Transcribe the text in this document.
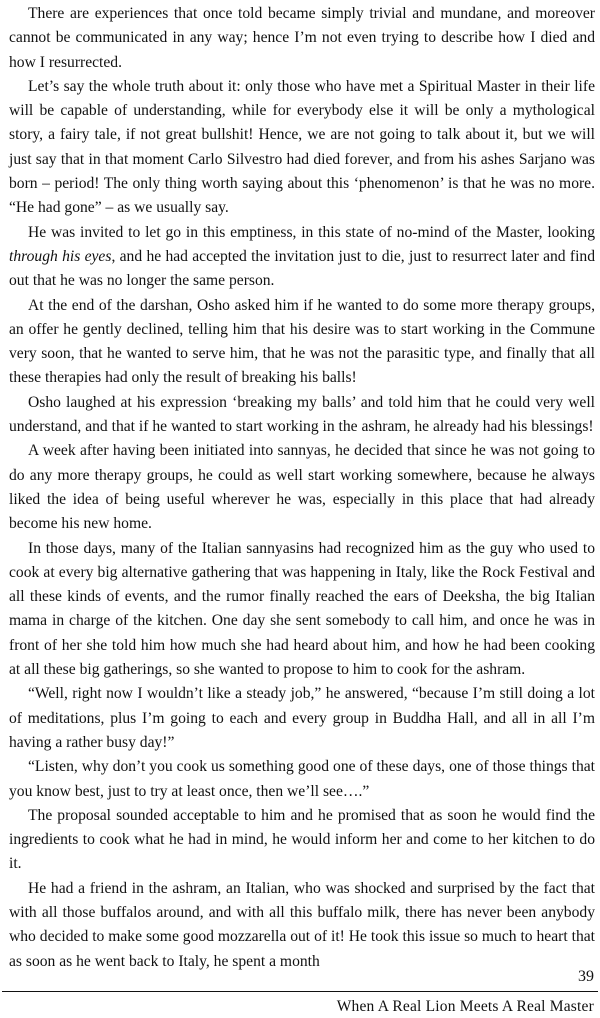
There are experiences that once told became simply trivial and mundane, and moreover cannot be communicated in any way; hence I’m not even trying to describe how I died and how I resurrected.

Let’s say the whole truth about it: only those who have met a Spiritual Master in their life will be capable of understanding, while for everybody else it will be only a mythological story, a fairy tale, if not great bullshit! Hence, we are not going to talk about it, but we will just say that in that moment Carlo Silvestro had died forever, and from his ashes Sarjano was born – period! The only thing worth saying about this ‘phenomenon’ is that he was no more. “He had gone” – as we usually say.

He was invited to let go in this emptiness, in this state of no-mind of the Master, looking through his eyes, and he had accepted the invitation just to die, just to resurrect later and find out that he was no longer the same person.

At the end of the darshan, Osho asked him if he wanted to do some more therapy groups, an offer he gently declined, telling him that his desire was to start working in the Commune very soon, that he wanted to serve him, that he was not the parasitic type, and finally that all these therapies had only the result of breaking his balls!

Osho laughed at his expression ‘breaking my balls’ and told him that he could very well understand, and that if he wanted to start working in the ashram, he already had his blessings!

A week after having been initiated into sannyas, he decided that since he was not going to do any more therapy groups, he could as well start working somewhere, because he always liked the idea of being useful wherever he was, especially in this place that had already become his new home.

In those days, many of the Italian sannyasins had recognized him as the guy who used to cook at every big alternative gathering that was happening in Italy, like the Rock Festival and all these kinds of events, and the rumor finally reached the ears of Deeksha, the big Italian mama in charge of the kitchen. One day she sent somebody to call him, and once he was in front of her she told him how much she had heard about him, and how he had been cooking at all these big gatherings, so she wanted to propose to him to cook for the ashram.

“Well, right now I wouldn’t like a steady job,” he answered, “because I’m still doing a lot of meditations, plus I’m going to each and every group in Buddha Hall, and all in all I’m having a rather busy day!”

“Listen, why don’t you cook us something good one of these days, one of those things that you know best, just to try at least once, then we’ll see….”

The proposal sounded acceptable to him and he promised that as soon he would find the ingredients to cook what he had in mind, he would inform her and come to her kitchen to do it.

He had a friend in the ashram, an Italian, who was shocked and surprised by the fact that with all those buffalos around, and with all this buffalo milk, there has never been anybody who decided to make some good mozzarella out of it! He took this issue so much to heart that as soon as he went back to Italy, he spent a month

39
When A Real Lion Meets A Real Master
